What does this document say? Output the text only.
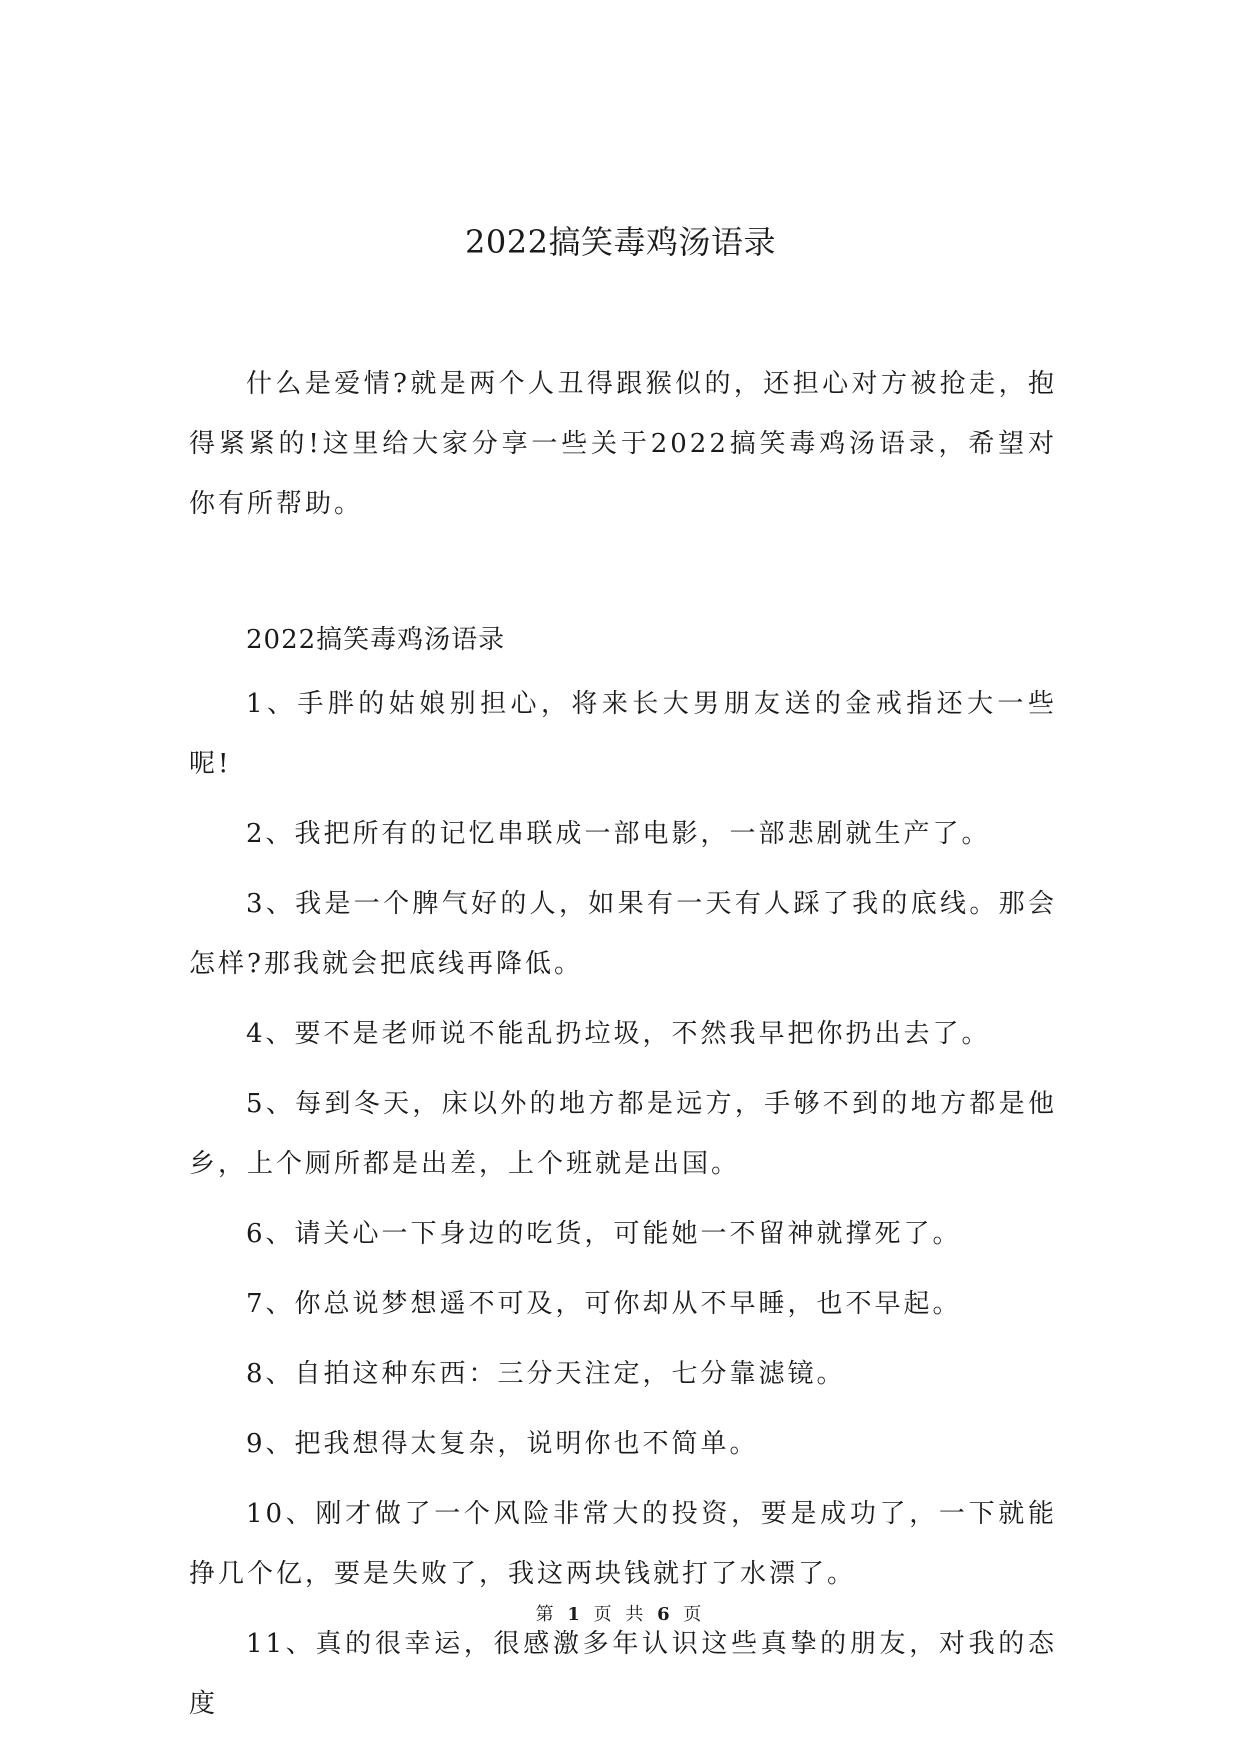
2022搞笑毒鸡汤语录

什么是爱情?就是两个人丑得跟猴似的，还担心对方被抢走，抱得紧紧的!这里给大家分享一些关于2022搞笑毒鸡汤语录，希望对你有所帮助。

2022搞笑毒鸡汤语录
1、手胖的姑娘别担心，将来长大男朋友送的金戒指还大一些呢!
2、我把所有的记忆串联成一部电影，一部悲剧就生产了。
3、我是一个脾气好的人，如果有一天有人踩了我的底线。那会怎样?那我就会把底线再降低。
4、要不是老师说不能乱扔垃圾，不然我早把你扔出去了。
5、每到冬天，床以外的地方都是远方，手够不到的地方都是他乡，上个厕所都是出差，上个班就是出国。
6、请关心一下身边的吃货，可能她一不留神就撑死了。
7、你总说梦想遥不可及，可你却从不早睡，也不早起。
8、自拍这种东西：三分天注定，七分靠滤镜。
9、把我想得太复杂，说明你也不简单。
10、刚才做了一个风险非常大的投资，要是成功了，一下就能挣几个亿，要是失败了，我这两块钱就打了水漂了。
11、真的很幸运，很感激多年认识这些真挚的朋友，对我的态度
第 1 页 共 6 页
